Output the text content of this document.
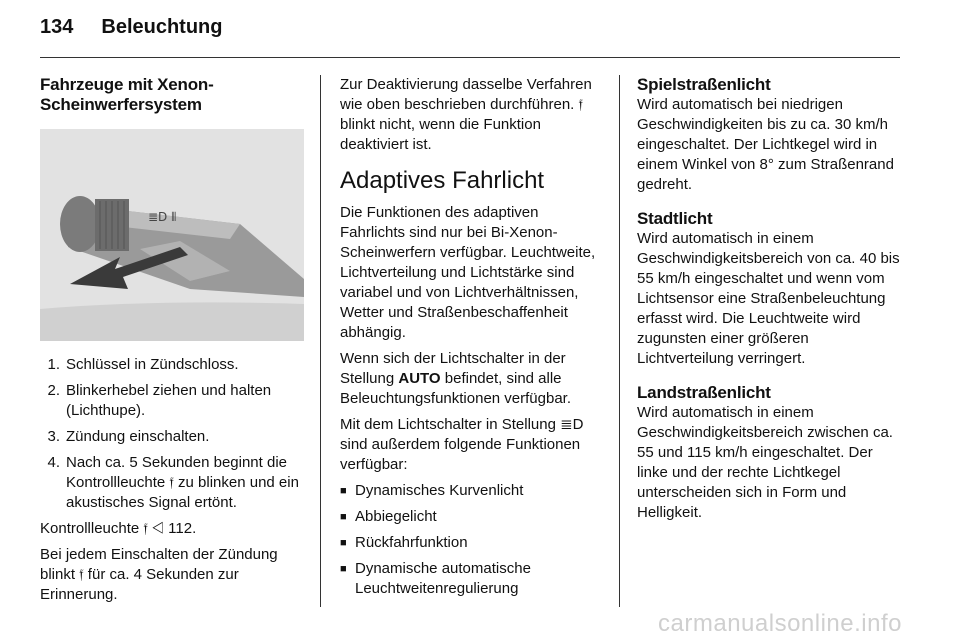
134 Beleuchtung
Fahrzeuge mit Xenon-Scheinwerfersystem
≣D ⦀
1. Schlüssel in Zündschloss.
2. Blinkerhebel ziehen und halten (Lichthupe).
3. Zündung einschalten.
4. Nach ca. 5 Sekunden beginnt die Kontrollleuchte 𝔣 zu blinken und ein akustisches Signal ertönt.

Kontrollleuchte 𝔣 ◁ 112.

Bei jedem Einschalten der Zündung blinkt 𝔣 für ca. 4 Sekunden zur Erinnerung.

Zur Deaktivierung dasselbe Verfahren wie oben beschrieben durchführen. 𝔣 blinkt nicht, wenn die Funktion deaktiviert ist.

Adaptives Fahrlicht

Die Funktionen des adaptiven Fahrlichts sind nur bei Bi-Xenon-Scheinwerfern verfügbar. Leuchtweite, Lichtverteilung und Lichtstärke sind variabel und von Lichtverhältnissen, Wetter und Straßenbeschaffenheit abhängig.

Wenn sich der Lichtschalter in der Stellung AUTO befindet, sind alle Beleuchtungsfunktionen verfügbar.

Mit dem Lichtschalter in Stellung ≣D sind außerdem folgende Funktionen verfügbar:

■ Dynamisches Kurvenlicht
■ Abbiegelicht
■ Rückfahrfunktion
■ Dynamische automatische Leuchtweitenregulierung
Spielstraßenlicht

Wird automatisch bei niedrigen Geschwindigkeiten bis zu ca. 30 km/h eingeschaltet. Der Lichtkegel wird in einem Winkel von 8° zum Straßenrand gedreht.

Stadtlicht

Wird automatisch in einem Geschwindigkeitsbereich von ca. 40 bis 55 km/h eingeschaltet und wenn vom Lichtsensor eine Straßenbeleuchtung erfasst wird. Die Leuchtweite wird zugunsten einer größeren Lichtverteilung verringert.

Landstraßenlicht

Wird automatisch in einem Geschwindigkeitsbereich zwischen ca. 55 und 115 km/h eingeschaltet. Der linke und der rechte Lichtkegel unterscheiden sich in Form und Helligkeit.

carmanualsonline.info
